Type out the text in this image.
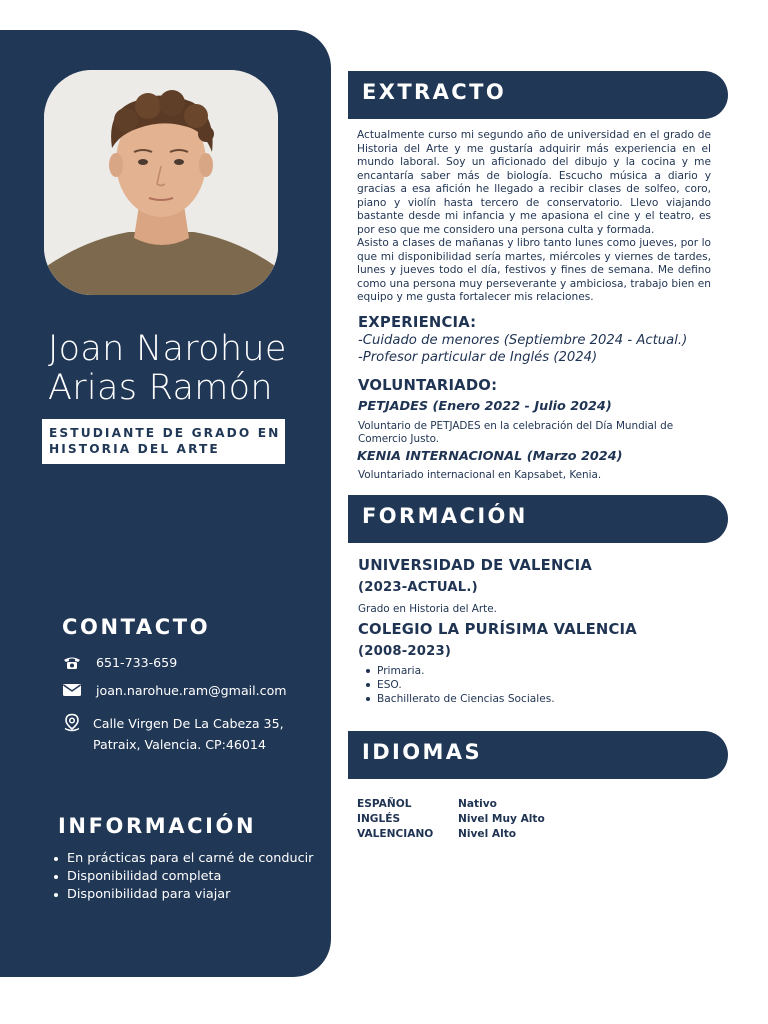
Joan Narohue
Arias Ramón
ESTUDIANTE DE GRADO EN
HISTORIA DEL ARTE
CONTACTO
651-733-659
joan.narohue.ram@gmail.com
Calle Virgen De La Cabeza 35,
Patraix, Valencia. CP:46014
INFORMACIÓN
En prácticas para el carné de conducir
Disponibilidad completa
Disponibilidad para viajar
EXTRACTO

Actualmente curso mi segundo año de universidad en el grado de Historia del Arte y me gustaría adquirir más experiencia en el mundo laboral. Soy un aficionado del dibujo y la cocina y me encantaría saber más de biología. Escucho música a diario y gracias a esa afición he llegado a recibir clases de solfeo, coro, piano y violín hasta tercero de conservatorio. Llevo viajando bastante desde mi infancia y me apasiona el cine y el teatro, es por eso que me considero una persona culta y formada.

Asisto a clases de mañanas y libro tanto lunes como jueves, por lo que mi disponibilidad sería martes, miércoles y viernes de tardes, lunes y jueves todo el día, festivos y fines de semana. Me defino como una persona muy perseverante y ambiciosa, trabajo bien en equipo y me gusta fortalecer mis relaciones.

EXPERIENCIA:
-Cuidado de menores (Septiembre 2024 - Actual.)
-Profesor particular de Inglés (2024)
VOLUNTARIADO:
PETJADES (Enero 2022 - Julio 2024)
Voluntario de PETJADES en la celebración del Día Mundial de Comercio Justo.
KENIA INTERNACIONAL (Marzo 2024)
Voluntariado internacional en Kapsabet, Kenia.
FORMACIÓN
UNIVERSIDAD DE VALENCIA
(2023-ACTUAL.)
Grado en Historia del Arte.
COLEGIO LA PURÍSIMA VALENCIA
(2008-2023)
Primaria.
ESO.
Bachillerato de Ciencias Sociales.
IDIOMAS
ESPAÑOL	Nativo
INGLÉS	Nivel Muy Alto
VALENCIANO	Nivel Alto
